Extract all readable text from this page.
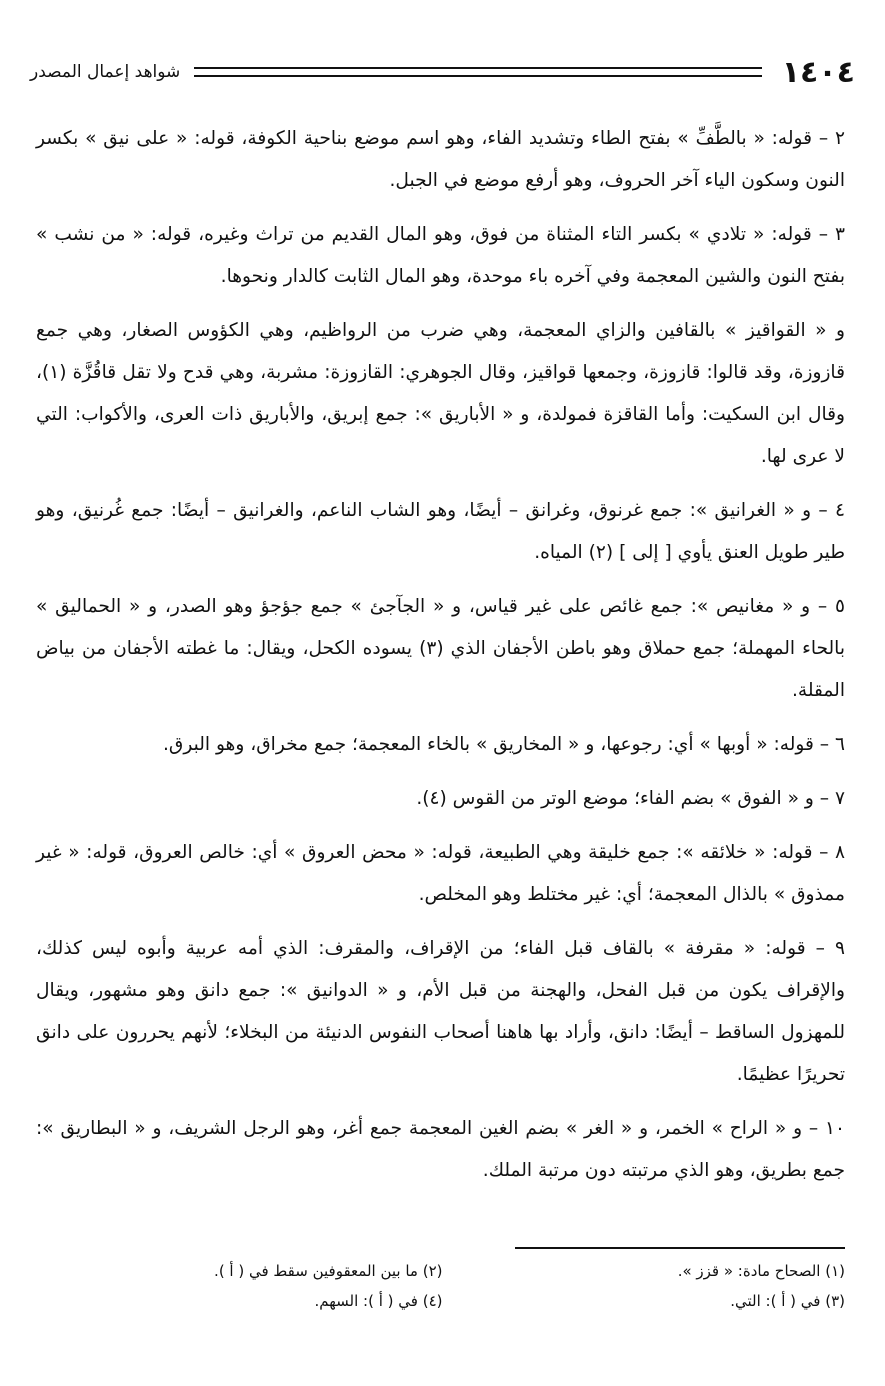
١٤٠٤
شواهد إعمال المصدر

٢ – قوله: « بالطَّفِّ » بفتح الطاء وتشديد الفاء، وهو اسم موضع بناحية الكوفة، قوله: « على نيق » بكسر النون وسكون الياء آخر الحروف، وهو أرفع موضع في الجبل.

٣ – قوله: « تلادي » بكسر التاء المثناة من فوق، وهو المال القديم من تراث وغيره، قوله: « من نشب » بفتح النون والشين المعجمة وفي آخره باء موحدة، وهو المال الثابت كالدار ونحوها.

و « القواقيز » بالقافين والزاي المعجمة، وهي ضرب من الرواظيم، وهي الكؤوس الصغار، وهي جمع قازوزة، وقد قالوا: قازوزة، وجمعها قواقيز، وقال الجوهري: القازوزة: مشربة، وهي قدح ولا تقل قاقُزَّة (١)، وقال ابن السكيت: وأما القاقزة فمولدة، و « الأباريق »: جمع إبريق، والأباريق ذات العرى، والأكواب: التي لا عرى لها.

٤ – و « الغرانيق »: جمع غرنوق، وغرانق – أيضًا، وهو الشاب الناعم، والغرانيق – أيضًا: جمع غُرنيق، وهو طير طويل العنق يأوي [ إلى ] (٢) المياه.

٥ – و « مغانيص »: جمع غائص على غير قياس، و « الجآجئ » جمع جؤجؤ وهو الصدر، و « الحماليق » بالحاء المهملة؛ جمع حملاق وهو باطن الأجفان الذي (٣) يسوده الكحل، ويقال: ما غطته الأجفان من بياض المقلة.

٦ – قوله: « أوبها » أي: رجوعها، و « المخاريق » بالخاء المعجمة؛ جمع مخراق، وهو البرق.

٧ – و « الفوق » بضم الفاء؛ موضع الوتر من القوس (٤).

٨ – قوله: « خلائقه »: جمع خليقة وهي الطبيعة، قوله: « محض العروق » أي: خالص العروق، قوله: « غير ممذوق » بالذال المعجمة؛ أي: غير مختلط وهو المخلص.

٩ – قوله: « مقرفة » بالقاف قبل الفاء؛ من الإقراف، والمقرف: الذي أمه عربية وأبوه ليس كذلك، والإقراف يكون من قبل الفحل، والهجنة من قبل الأم، و « الدوانيق »: جمع دانق وهو مشهور، ويقال للمهزول الساقط – أيضًا: دانق، وأراد بها هاهنا أصحاب النفوس الدنيئة من البخلاء؛ لأنهم يحررون على دانق تحريرًا عظيمًا.

١٠ – و « الراح » الخمر، و « الغر » بضم الغين المعجمة جمع أغر، وهو الرجل الشريف، و « البطاريق »: جمع بطريق، وهو الذي مرتبته دون مرتبة الملك.

(١) الصحاح مادة: « قزز ».
(٢) ما بين المعقوفين سقط في ( أ ).
(٣) في ( أ ): التي.
(٤) في ( أ ): السهم.
